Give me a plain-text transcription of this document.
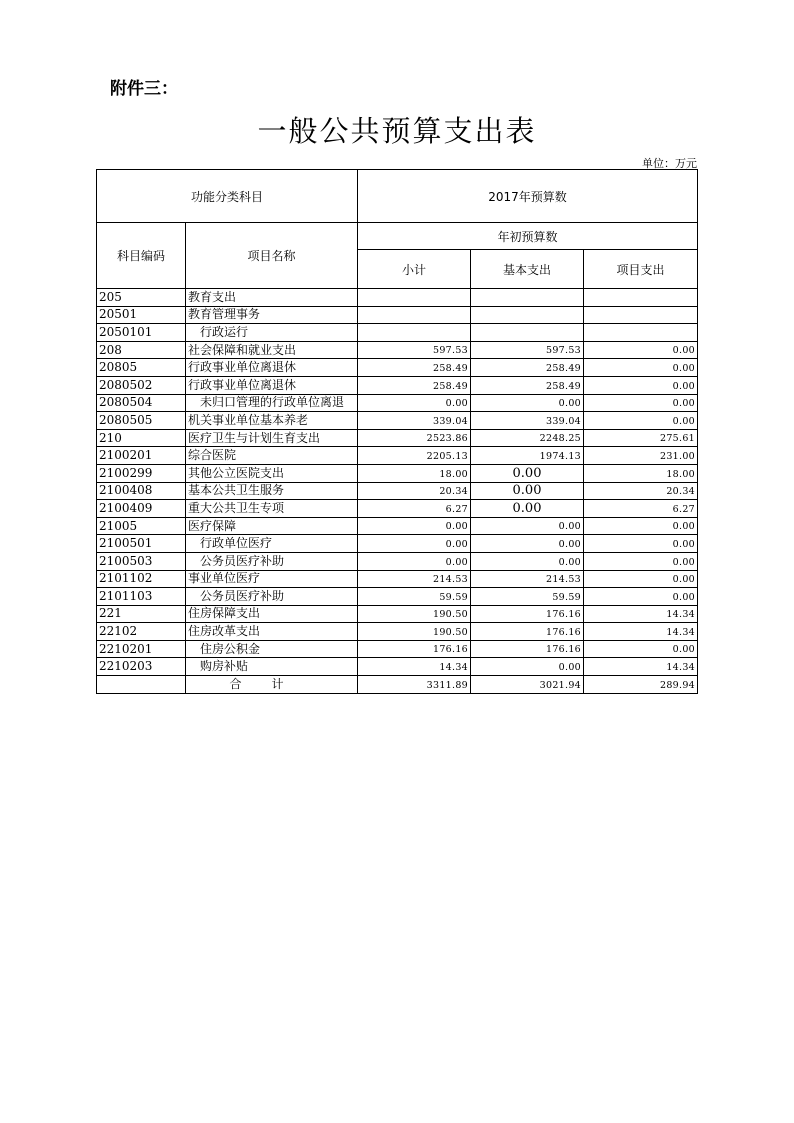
附件三：
一般公共预算支出表
单位：万元
功能分类科目		2017年预算数		
科目编码	项目名称	年初预算数		
		小计	基本支出	项目支出
205	教育支出			
20501	教育管理事务			
2050101	行政运行			
208	社会保障和就业支出	597.53	597.53	0.00
20805	行政事业单位离退休	258.49	258.49	0.00
2080502	行政事业单位离退休	258.49	258.49	0.00
2080504	未归口管理的行政单位离退	0.00	0.00	0.00
2080505	机关事业单位基本养老	339.04	339.04	0.00
210	医疗卫生与计划生育支出	2523.86	2248.25	275.61
2100201	综合医院	2205.13	1974.13	231.00
2100299	其他公立医院支出	18.00	0.00	18.00
2100408	基本公共卫生服务	20.34	0.00	20.34
2100409	重大公共卫生专项	6.27	0.00	6.27
21005	医疗保障	0.00	0.00	0.00
2100501	行政单位医疗	0.00	0.00	0.00
2100503	公务员医疗补助	0.00	0.00	0.00
2101102	事业单位医疗	214.53	214.53	0.00
2101103	公务员医疗补助	59.59	59.59	0.00
221	住房保障支出	190.50	176.16	14.34
22102	住房改革支出	190.50	176.16	14.34
2210201	住房公积金	176.16	176.16	0.00
2210203	购房补贴	14.34	0.00	14.34
	合计	3311.89	3021.94	289.94
